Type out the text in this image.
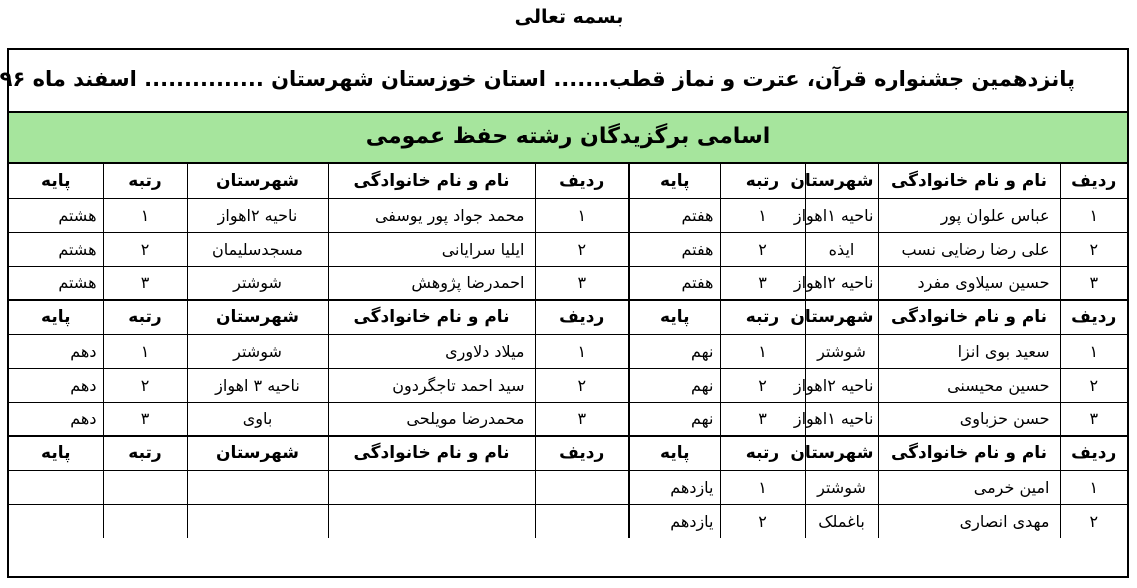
بسمه تعالی
پانزدهمین جشنواره قرآن، عترت و نماز قطب....... استان خوزستان شهرستان ............... اسفند ماه ۹۶
اسامی برگزیدگان رشته حفظ عمومی
ردیف	نام و نام خانوادگی	شهرستان	رتبه	پایه	ردیف	نام و نام خانوادگی	شهرستان	رتبه	پایه
۱	عباس علوان پور	ناحیه ۱اهواز	۱	هفتم	۱	محمد جواد پور یوسفی	ناحیه ۲اهواز	۱	هشتم
۲	علی رضا رضایی نسب	ایذه	۲	هفتم	۲	ایلیا سرایانی	مسجدسلیمان	۲	هشتم
۳	حسین سیلاوی مفرد	ناحیه ۲اهواز	۳	هفتم	۳	احمدرضا پژوهش	شوشتر	۳	هشتم
ردیف	نام و نام خانوادگی	شهرستان	رتبه	پایه	ردیف	نام و نام خانوادگی	شهرستان	رتبه	پایه
۱	سعید بوی انزا	شوشتر	۱	نهم	۱	میلاد دلاوری	شوشتر	۱	دهم
۲	حسین محیسنی	ناحیه ۲اهواز	۲	نهم	۲	سید احمد تاجگردون	ناحیه ۳ اهواز	۲	دهم
۳	حسن حزباوی	ناحیه ۱اهواز	۳	نهم	۳	محمدرضا مویلحی	باوی	۳	دهم
ردیف	نام و نام خانوادگی	شهرستان	رتبه	پایه	ردیف	نام و نام خانوادگی	شهرستان	رتبه	پایه
۱	امین خرمی	شوشتر	۱	یازدهم					
۲	مهدی انصاری	باغملک	۲	یازدهم					
